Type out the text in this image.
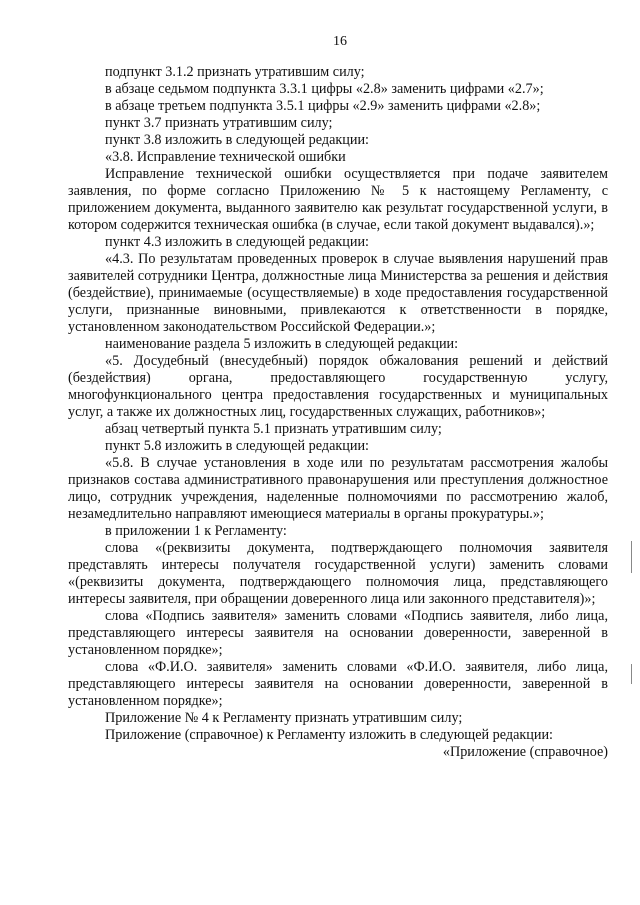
16

подпункт 3.1.2 признать утратившим силу;

в абзаце седьмом подпункта 3.3.1 цифры «2.8» заменить цифрами «2.7»;

в абзаце третьем подпункта 3.5.1 цифры «2.9» заменить цифрами «2.8»;

пункт 3.7 признать утратившим силу;

пункт 3.8 изложить в следующей редакции:

«3.8. Исправление технической ошибки

Исправление технической ошибки осуществляется при подаче заявителем заявления, по форме согласно Приложению № 5 к настоящему Регламенту, с приложением документа, выданного заявителю как результат государственной услуги, в котором содержится техническая ошибка (в случае, если такой документ выдавался).»;

пункт 4.3 изложить в следующей редакции:

«4.3. По результатам проведенных проверок в случае выявления нарушений прав заявителей сотрудники Центра, должностные лица Министерства за решения и действия (бездействие), принимаемые (осуществляемые) в ходе предоставления государственной услуги, признанные виновными, привлекаются к ответственности в порядке, установленном законодательством Российской Федерации.»;

наименование раздела 5 изложить в следующей редакции:

«5. Досудебный (внесудебный) порядок обжалования решений и действий (бездействия) органа, предоставляющего государственную услугу, многофункционального центра предоставления государственных и муниципальных услуг, а также их должностных лиц, государственных служащих, работников»;

абзац четвертый пункта 5.1 признать утратившим силу;

пункт 5.8 изложить в следующей редакции:

«5.8. В случае установления в ходе или по результатам рассмотрения жалобы признаков состава административного правонарушения или преступления должностное лицо, сотрудник учреждения, наделенные полномочиями по рассмотрению жалоб, незамедлительно направляют имеющиеся материалы в органы прокуратуры.»;

в приложении 1 к Регламенту:

слова «(реквизиты документа, подтверждающего полномочия заявителя представлять интересы получателя государственной услуги) заменить словами «(реквизиты документа, подтверждающего полномочия лица, представляющего интересы заявителя, при обращении доверенного лица или законного представителя)»;

слова «Подпись заявителя» заменить словами «Подпись заявителя, либо лица, представляющего интересы заявителя на основании доверенности, заверенной в установленном порядке»;

слова «Ф.И.О. заявителя» заменить словами «Ф.И.О. заявителя, либо лица, представляющего интересы заявителя на основании доверенности, заверенной в установленном порядке»;

Приложение № 4 к Регламенту признать утратившим силу;

Приложение (справочное) к Регламенту изложить в следующей редакции:

«Приложение (справочное)
